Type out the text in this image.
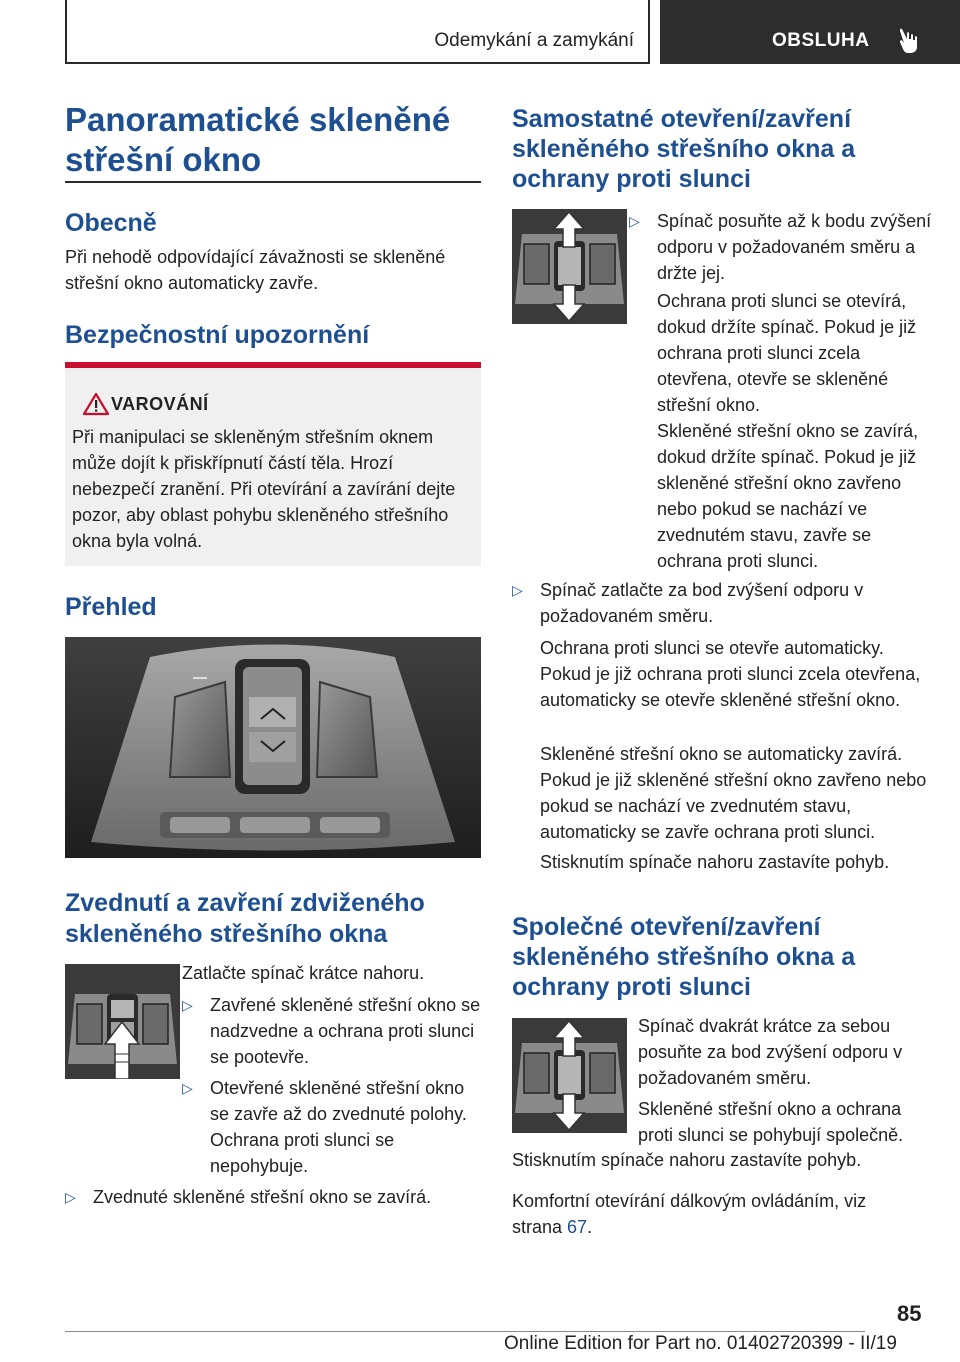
Odemykání a zamykání	OBSLUHA
Panoramatické skleněné střešní okno
Obecně

Při nehodě odpovídající závažnosti se skleněné střešní okno automaticky zavře.

Bezpečnostní upozornění
VAROVÁNÍ

Při manipulaci se skleněným střešním oknem může dojít k přiskřípnutí částí těla. Hrozí nebezpečí zranění. Při otevírání a zavírání dejte pozor, aby oblast pohybu skleněného střešního okna byla volná.

Přehled
Zvednutí a zavření zdviženého skleněného střešního okna

Zatlačte spínač krátce nahoru.

▷ Zavřené skleněné střešní okno se nadzvedne a ochrana proti slunci se pootevře.
▷ Otevřené skleněné střešní okno se zavře až do zvednuté polohy. Ochrana proti slunci se nepohybuje.
▷ Zvednuté skleněné střešní okno se zavírá.
Samostatné otevření/zavření skleněného střešního okna a ochrany proti slunci
▷ Spínač posuňte až k bodu zvýšení odporu v požadovaném směru a držte jej.

Ochrana proti slunci se otevírá, dokud držíte spínač. Pokud je již ochrana proti slunci zcela otevřena, otevře se skleněné střešní okno.

Skleněné střešní okno se zavírá, dokud držíte spínač. Pokud je již skleněné střešní okno zavřeno nebo pokud se nachází ve zvednutém stavu, zavře se ochrana proti slunci.

▷ Spínač zatlačte za bod zvýšení odporu v požadovaném směru.

Ochrana proti slunci se otevře automaticky. Pokud je již ochrana proti slunci zcela otevřena, automaticky se otevře skleněné střešní okno.

Skleněné střešní okno se automaticky zavírá. Pokud je již skleněné střešní okno zavřeno nebo pokud se nachází ve zvednutém stavu, automaticky se zavře ochrana proti slunci.

Stisknutím spínače nahoru zastavíte pohyb.

Společné otevření/zavření skleněného střešního okna a ochrany proti slunci

Spínač dvakrát krátce za sebou posuňte za bod zvýšení odporu v požadovaném směru.

Skleněné střešní okno a ochrana proti slunci se pohybují společně.

Stisknutím spínače nahoru zastavíte pohyb.

Komfortní otevírání dálkovým ovládáním, viz strana 67.

85
Online Edition for Part no. 01402720399 - II/19
